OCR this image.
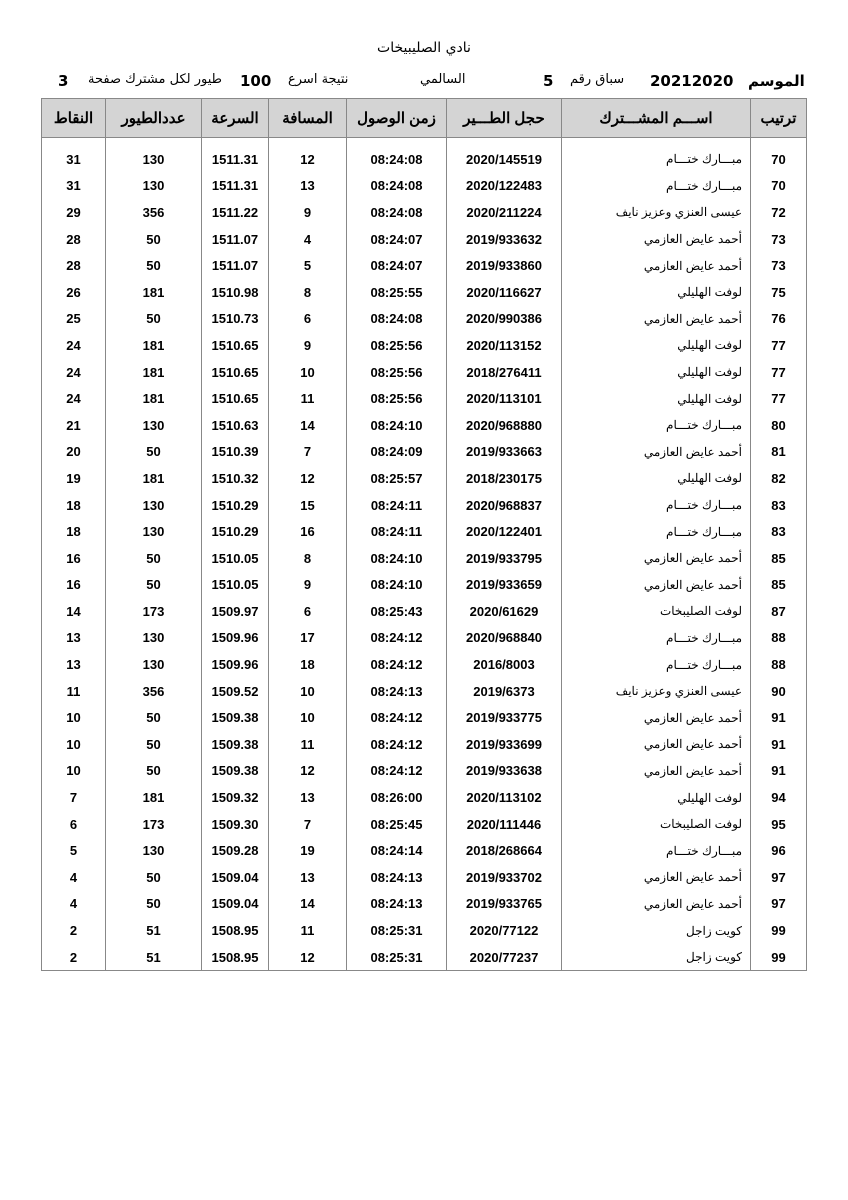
نادي الصليبيخات
الموسم
20212020
سباق رقم
5
السالمي
نتيجة اسرع
100
طيور لكل مشترك صفحة
3
النقاط	عددالطيور	السرعة	المسافة	زمن الوصول	حجل الطـــير	اســـم المشـــترك	ترتيب

31	130	1511.31	12	08:24:08	2020/145519	مبـــارك ختـــام	70
31	130	1511.31	13	08:24:08	2020/122483	مبـــارك ختـــام	70
29	356	1511.22	9	08:24:08	2020/211224	عيسى العنزي وعزيز نايف	72
28	50	1511.07	4	08:24:07	2019/933632	أحمد عايض العازمي	73
28	50	1511.07	5	08:24:07	2019/933860	أحمد عايض العازمي	73
26	181	1510.98	8	08:25:55	2020/116627	لوفت الهليلي	75
25	50	1510.73	6	08:24:08	2020/990386	أحمد عايض العازمي	76
24	181	1510.65	9	08:25:56	2020/113152	لوفت الهليلي	77
24	181	1510.65	10	08:25:56	2018/276411	لوفت الهليلي	77
24	181	1510.65	11	08:25:56	2020/113101	لوفت الهليلي	77
21	130	1510.63	14	08:24:10	2020/968880	مبـــارك ختـــام	80
20	50	1510.39	7	08:24:09	2019/933663	أحمد عايض العازمي	81
19	181	1510.32	12	08:25:57	2018/230175	لوفت الهليلي	82
18	130	1510.29	15	08:24:11	2020/968837	مبـــارك ختـــام	83
18	130	1510.29	16	08:24:11	2020/122401	مبـــارك ختـــام	83
16	50	1510.05	8	08:24:10	2019/933795	أحمد عايض العازمي	85
16	50	1510.05	9	08:24:10	2019/933659	أحمد عايض العازمي	85
14	173	1509.97	6	08:25:43	2020/61629	لوفت الصليبخات	87
13	130	1509.96	17	08:24:12	2020/968840	مبـــارك ختـــام	88
13	130	1509.96	18	08:24:12	2016/8003	مبـــارك ختـــام	88
11	356	1509.52	10	08:24:13	2019/6373	عيسى العنزي وعزيز نايف	90
10	50	1509.38	10	08:24:12	2019/933775	أحمد عايض العازمي	91
10	50	1509.38	11	08:24:12	2019/933699	أحمد عايض العازمي	91
10	50	1509.38	12	08:24:12	2019/933638	أحمد عايض العازمي	91
7	181	1509.32	13	08:26:00	2020/113102	لوفت الهليلي	94
6	173	1509.30	7	08:25:45	2020/111446	لوفت الصليبخات	95
5	130	1509.28	19	08:24:14	2018/268664	مبـــارك ختـــام	96
4	50	1509.04	13	08:24:13	2019/933702	أحمد عايض العازمي	97
4	50	1509.04	14	08:24:13	2019/933765	أحمد عايض العازمي	97
2	51	1508.95	11	08:25:31	2020/77122	كويت زاجل	99
2	51	1508.95	12	08:25:31	2020/77237	كويت زاجل	99
